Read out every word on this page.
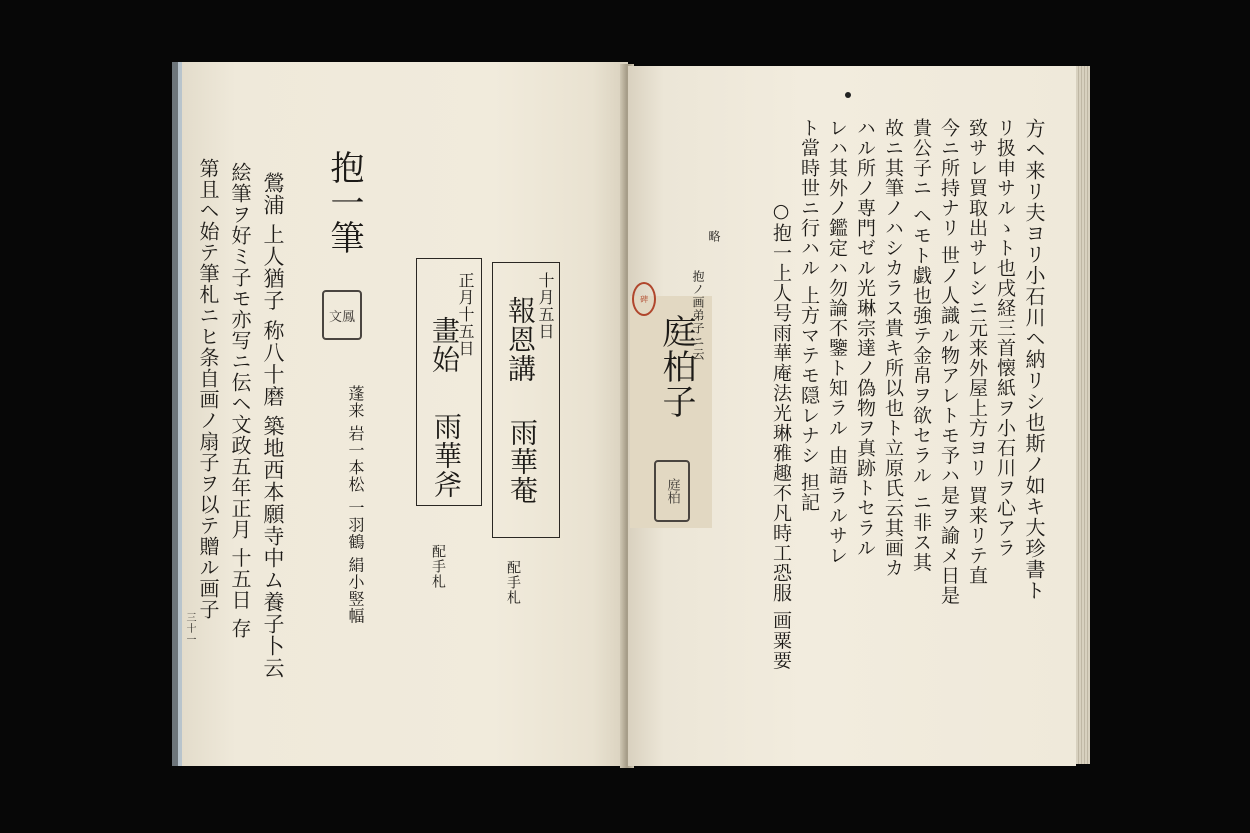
抱一筆
文鳳
蓬来 岩一本松 一羽鶴 絹小竪幅
鶯浦 上人猶子 称八十磨 築地西本願寺中ム養子卜云
絵筆ヲ好ミ子モ亦写ニ伝ヘ文政五年正月 十五日 存
第且ヘ始テ筆札ニヒ条自画ノ扇子ヲ以テ贈ル画子	十月五日
報恩講
雨華菴
配手札
正月十五日
畫始
雨華斧
配手札
三十一
方ヘ来リ夫ヨリ小石川ヘ納リシ也斯ノ如キ大珍書ト
リ扱申サルゝト也戌経三首懐紙ヲ小石川ヲ心アラ
致サレ買取出サレシニ元来外屋上方ヨリ 買来リテ直
今ニ所持ナリ 世ノ人識ル物アレトモ予ハ是ヲ諭メ日是
貴公子ニ ヘモト戯也強テ金帛ヲ欲セラル ニ非ス其
故ニ其筆ノハシカラス貴キ所以也ト立原氏云其画カ
ハル所ノ専門ゼル光琳宗達ノ偽物ヲ真跡トセラル
レハ其外ノ鑑定ハ勿論不鑒ト知ラル 由語ラルサレ
ト當時世ニ行ハル 上方マテモ隠レナシ 担記
○抱一上人号雨華庵法光琳雅趣不凡時工恐服 画粟要
略
碑	抱ノ画弟子ニ云
庭柏子
庭柏
